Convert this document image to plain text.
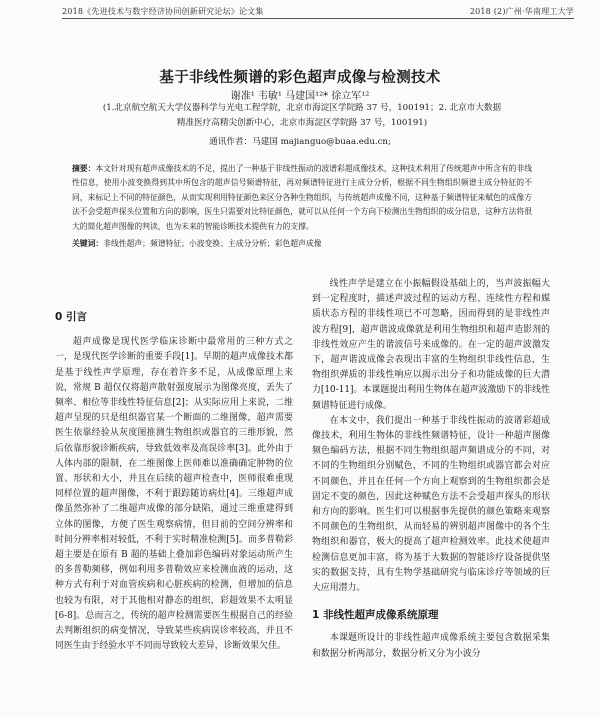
2018《先进技术与数字经济协同创新研究论坛》论文集	2018 (2)广州·华南理工大学
基于非线性频谱的彩色超声成像与检测技术
谢准¹ 韦敏¹ 马建国¹²* 徐立军¹²
(1.北京航空航天大学仪器科学与光电工程学院，北京市海淀区学院路 37 号，100191；2. 北京市大数据
精准医疗高精尖创新中心，北京市海淀区学院路 37 号，100191)
通讯作者：马建国 majianguo@buaa.edu.cn;
摘要：本文针对现有超声成像技术的不足，提出了一种基于非线性振动的波谱彩超成像技术，这种技术利用了传统超声中所含有的非线性信息，使用小波变换得到其中所包含的超声信号频谱特征，再对频谱特征进行主成分分析，根据不同生物组织频谱主成分特征的不同，来标记上不同的特征颜色，从而实现利用特征颜色来区分各种生物组织，与传统超声成像不同，这种基于频谱特征来赋色的成像方法不会受超声探头位置和方向的影响，医生只需要对比特征颜色，就可以从任何一个方向下检测出生物组织的成分信息，这种方法将很大的简化超声图像的判读，也为未来的智能诊断技术提供有力的支撑。
关键词：非线性超声；频谱特征；小波变换；主成分分析；彩色超声成像

0 引言

超声成像是现代医学临床诊断中最常用的三种方式之一，是现代医学诊断的重要手段[1]。早期的超声成像技术都是基于线性声学原理，存在着许多不足，从成像原理上来说，常规 B 超仅仅将超声散射强度展示为图像亮度，丢失了频率、相位等非线性特征信息[2]；从实际应用上来说，二维超声呈现的只是组织器官某一个断面的二维图像，超声需要医生依靠经验从灰度图推测生物组织或器官的三维形貌，然后依靠形貌诊断疾病，导致低效率及高误诊率[3]。此外由于人体内部的限制，在二维图像上医师难以准确确定肿物的位置、形状和大小，并且在后续的超声检查中，医师很难重现同样位置的超声图像，不利于跟踪随访病灶[4]。三维超声成像虽然弥补了二维超声成像的部分缺陷，通过三维重建得到立体的图像，方便了医生观察病情，但目前的空间分辨率和时间分辨率相对较低，不利于实时精准检测[5]。而多普勒彩超主要是在原有 B 超的基础上叠加彩色编码对象运动所产生的多普勒频移，例如利用多普勒效应来检测血液的运动，这种方式有利于对血管疾病和心脏疾病的检测，但增加的信息也较为有限，对于其他相对静态的组织，彩超效果不太明显[6-8]。总而言之，传统的超声检测需要医生根据自己的经验去判断组织的病变情况，导致某些疾病误诊率较高，并且不同医生由于经验水平不同而导致较大差异，诊断效果欠佳。

线性声学是建立在小振幅假设基础上的，当声波振幅大到一定程度时，描述声波过程的运动方程、连续性方程和媒质状态方程的非线性项已不可忽略，因而得到的是非线性声波方程[9]，超声谐波成像就是利用生物组织和超声造影剂的非线性效应产生的谐波信号来成像的。在一定的超声波激发下，超声谐波成像会表现出丰富的生物组织非线性信息，生物组织弹质的非线性响应以揭示出分子和功能成像的巨大潜力[10-11]。本课题提出利用生物体在超声波激励下的非线性频谱特征进行成像。

在本文中，我们提出一种基于非线性振动的波谱彩超成像技术，利用生物体的非线性频谱特征，设计一种超声图像频色编码方法，根据不同生物组织超声频谱成分的不同，对不同的生物组织分别赋色，不同的生物组织或器官都会对应不同颜色，并且在任何一个方向上观察到的生物组织都会是固定不变的颜色，因此这种赋色方法不会受超声探头的形状和方向的影响。医生们可以根据事先提供的颜色策略来观察不同颜色的生物组织，从而轻易的辨别超声图像中的各个生物组织和器官，极大的提高了超声检测效率。此技术使超声检测信息更加丰富，将为基于大数据的智能诊疗设备提供坚实的数据支持，具有生物学基础研究与临床诊疗等领域的巨大应用潜力。

1 非线性超声成像系统原理

本课题所设计的非线性超声成像系统主要包含数据采集和数据分析两部分，数据分析又分为小波分
